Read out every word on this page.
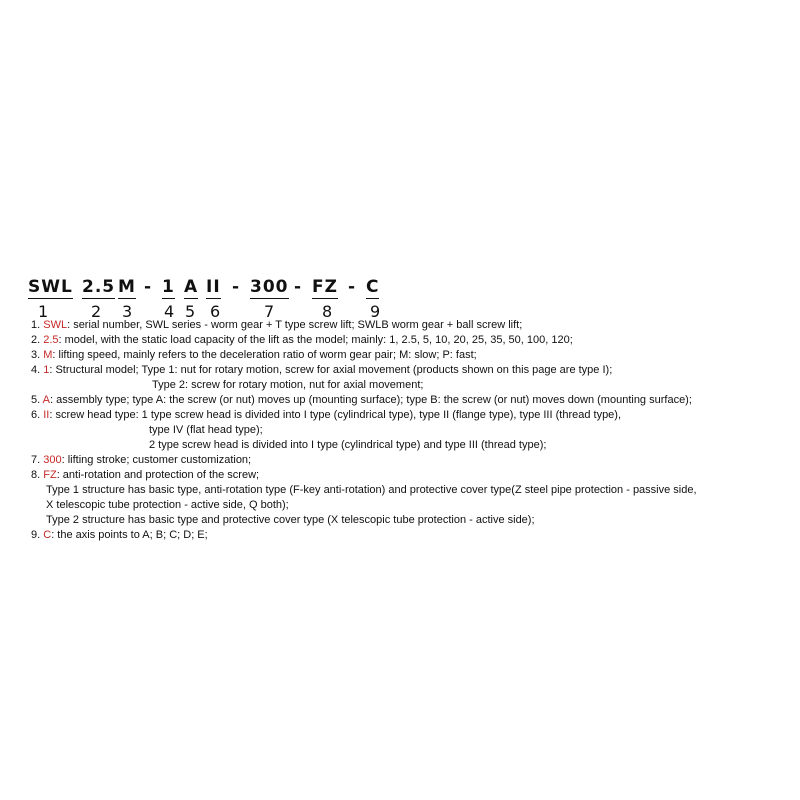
SWL 2.5 M - 1 A II - 300 - FZ - C
1	2 3 4 5 6	7	8 9
1. SWL: serial number, SWL series - worm gear + T type screw lift; SWLB worm gear + ball screw lift;
2. 2.5: model, with the static load capacity of the lift as the model; mainly: 1, 2.5, 5, 10, 20, 25, 35, 50, 100, 120;
3. M: lifting speed, mainly refers to the deceleration ratio of worm gear pair; M: slow; P: fast;
4. 1: Structural model; Type 1: nut for rotary motion, screw for axial movement (products shown on this page are type I);
Type 2: screw for rotary motion, nut for axial movement;
5. A: assembly type; type A: the screw (or nut) moves up (mounting surface); type B: the screw (or nut) moves down (mounting surface);
6. II: screw head type: 1 type screw head is divided into I type (cylindrical type), type II (flange type), type III (thread type),
type IV (flat head type);
2 type screw head is divided into I type (cylindrical type) and type III (thread type);
7. 300: lifting stroke; customer customization;
8. FZ: anti-rotation and protection of the screw;
Type 1 structure has basic type, anti-rotation type (F-key anti-rotation) and protective cover type(Z steel pipe protection - passive side,
X telescopic tube protection - active side, Q both);
Type 2 structure has basic type and protective cover type (X telescopic tube protection - active side);
9. C: the axis points to A; B; C; D; E;
